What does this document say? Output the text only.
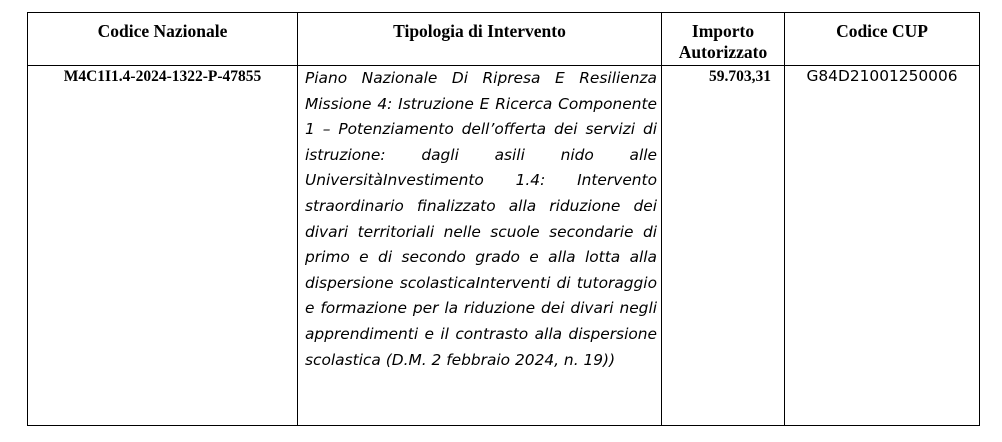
Codice Nazionale	Tipologia di Intervento	Importo Autorizzato	Codice CUP
M4C1I1.4-2024-1322-P-47855	Piano Nazionale Di Ripresa E Resilienza Missione 4: Istruzione E Ricerca Componente 1 – Potenziamento dell’offerta dei servizi di istruzione: dagli asili nido alle UniversitàInvestimento 1.4: Intervento straordinario finalizzato alla riduzione dei divari territoriali nelle scuole secondarie di primo e di secondo grado e alla lotta alla dispersione scolasticaInterventi di tutoraggio e formazione per la riduzione dei divari negli apprendimenti e il contrasto alla dispersione scolastica (D.M. 2 febbraio 2024, n. 19))	59.703,31	G84D21001250006
